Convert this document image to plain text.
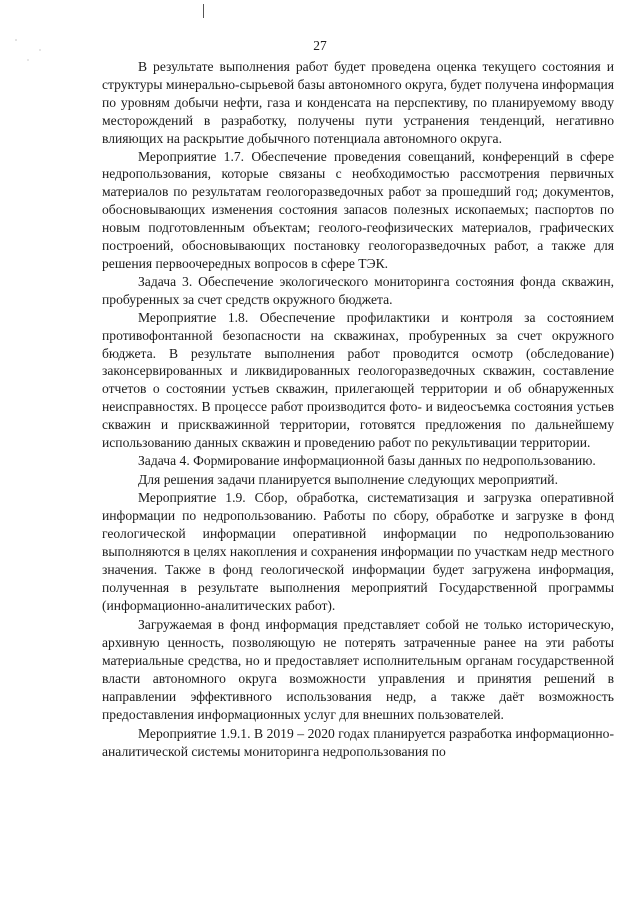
27

В результате выполнения работ будет проведена оценка текущего состояния и структуры минерально-сырьевой базы автономного округа, будет получена информация по уровням добычи нефти, газа и конденсата на перспективу, по планируемому вводу месторождений в разработку, получены пути устранения тенденций, негативно влияющих на раскрытие добычного потенциала автономного округа.

Мероприятие 1.7. Обеспечение проведения совещаний, конференций в сфере недропользования, которые связаны с необходимостью рассмотрения первичных материалов по результатам геологоразведочных работ за прошедший год; документов, обосновывающих изменения состояния запасов полезных ископаемых; паспортов по новым подготовленным объектам; геолого-геофизических материалов, графических построений, обосновывающих постановку геологоразведочных работ, а также для решения первоочередных вопросов в сфере ТЭК.

Задача 3. Обеспечение экологического мониторинга состояния фонда скважин, пробуренных за счет средств окружного бюджета.

Мероприятие 1.8. Обеспечение профилактики и контроля за состоянием противофонтанной безопасности на скважинах, пробуренных за счет окружного бюджета. В результате выполнения работ проводится осмотр (обследование) законсервированных и ликвидированных геологоразведочных скважин, составление отчетов о состоянии устьев скважин, прилегающей территории и об обнаруженных неисправностях. В процессе работ производится фото- и видеосъемка состояния устьев скважин и прискважинной территории, готовятся предложения по дальнейшему использованию данных скважин и проведению работ по рекультивации территории.

Задача 4. Формирование информационной базы данных по недропользованию.

Для решения задачи планируется выполнение следующих мероприятий.

Мероприятие 1.9. Сбор, обработка, систематизация и загрузка оперативной информации по недропользованию. Работы по сбору, обработке и загрузке в фонд геологической информации оперативной информации по недропользованию выполняются в целях накопления и сохранения информации по участкам недр местного значения. Также в фонд геологической информации будет загружена информация, полученная в результате выполнения мероприятий Государственной программы (информационно-аналитических работ).

Загружаемая в фонд информация представляет собой не только историческую, архивную ценность, позволяющую не потерять затраченные ранее на эти работы материальные средства, но и предоставляет исполнительным органам государственной власти автономного округа возможности управления и принятия решений в направлении эффективного использования недр, а также даёт возможность предоставления информационных услуг для внешних пользователей.

Мероприятие 1.9.1. В 2019 – 2020 годах планируется разработка информационно-аналитической системы мониторинга недропользования по
